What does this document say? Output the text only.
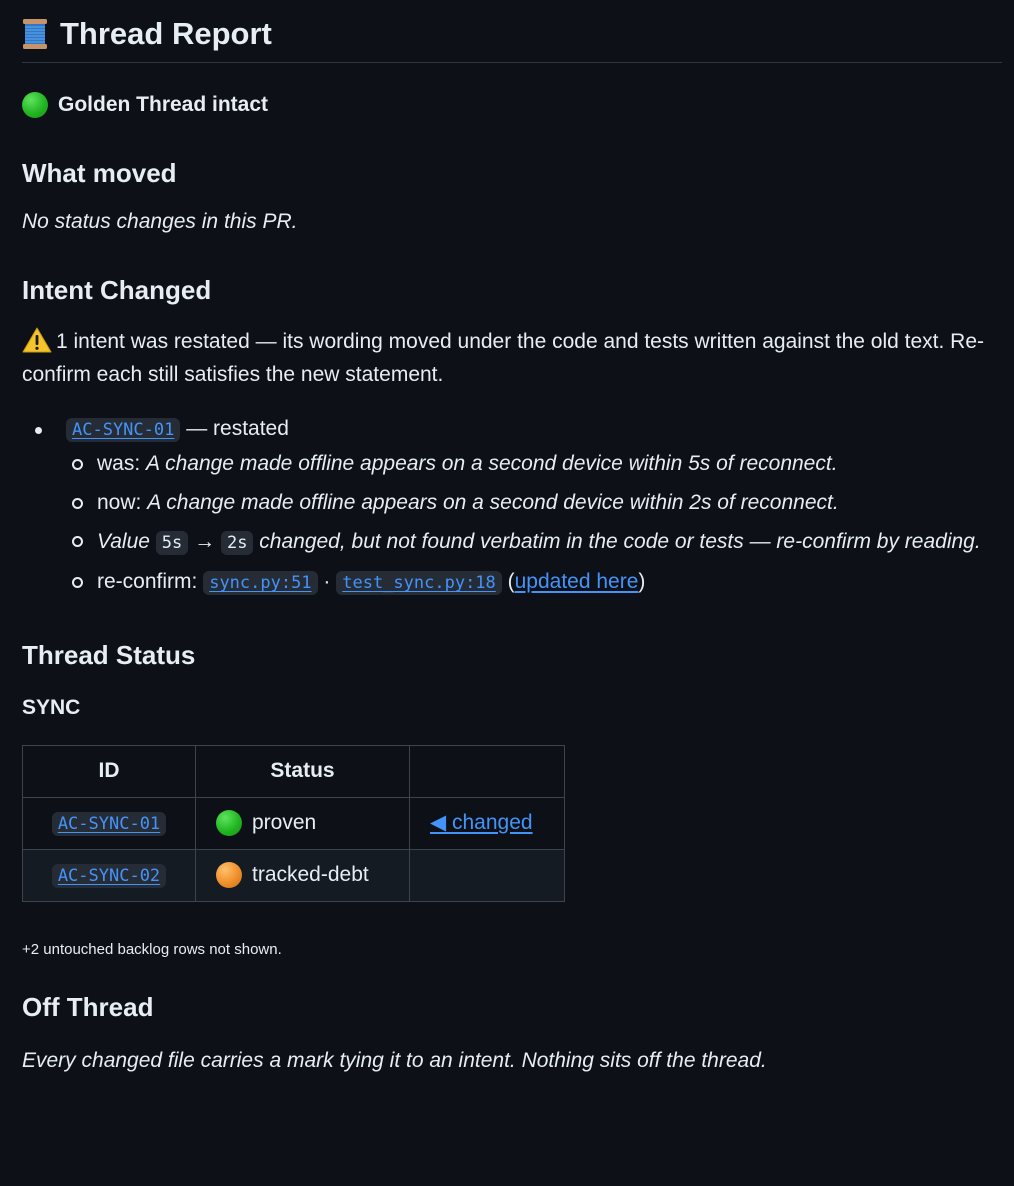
Thread Report
Golden Thread intact
What moved

No status changes in this PR.

Intent Changed

1 intent was restated — its wording moved under the code and tests written against the old text. Re-confirm each still satisfies the new statement.

AC-SYNC-01 — restated
was: A change made offline appears on a second device within 5s of reconnect.
now: A change made offline appears on a second device within 2s of reconnect.
Value 5s → 2s changed, but not found verbatim in the code or tests — re-confirm by reading.
re-confirm: sync.py:51 · test_sync.py:18 (updated here)
Thread Status
SYNC
ID	Status	
AC-SYNC-01	proven	◀ changed
AC-SYNC-02	tracked-debt	

+2 untouched backlog rows not shown.

Off Thread

Every changed file carries a mark tying it to an intent. Nothing sits off the thread.
